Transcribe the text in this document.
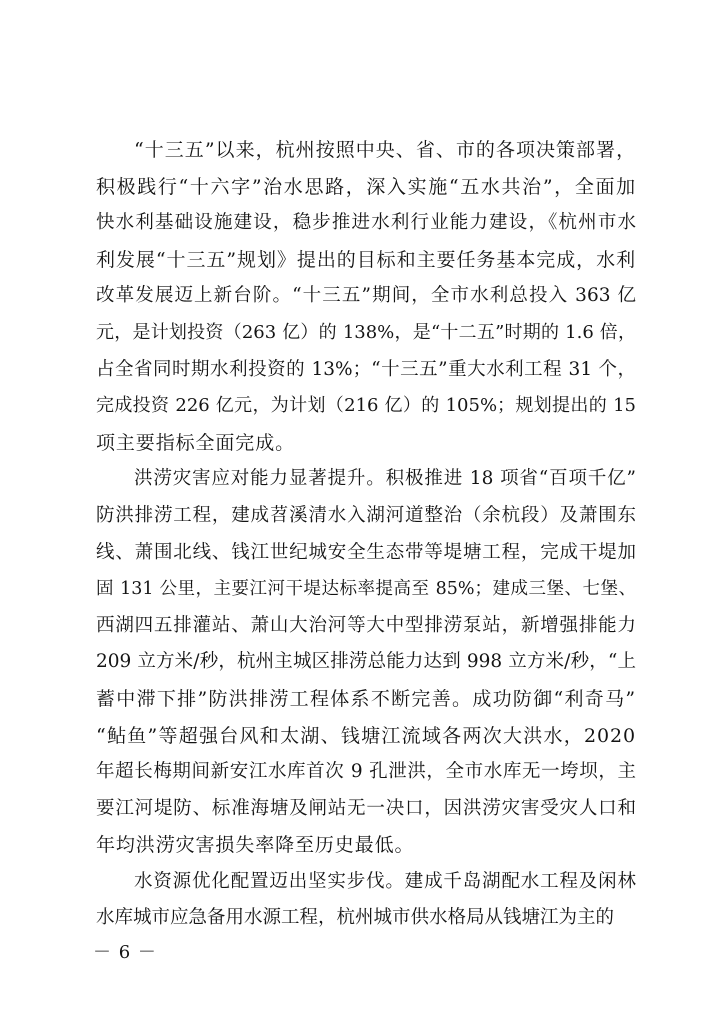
“十三五”以来，杭州按照中央、省、市的各项决策部署，
积极践行“十六字”治水思路，深入实施“五水共治”，全面加
快水利基础设施建设，稳步推进水利行业能力建设，《杭州市水
利发展“十三五”规划》提出的目标和主要任务基本完成，水利
改革发展迈上新台阶。“十三五”期间，全市水利总投入 363 亿
元，是计划投资（263 亿）的 138%，是“十二五”时期的 1.6 倍，
占全省同时期水利投资的 13%；“十三五”重大水利工程 31 个，
完成投资 226 亿元，为计划（216 亿）的 105%；规划提出的 15
项主要指标全面完成。
洪涝灾害应对能力显著提升。积极推进 18 项省“百项千亿”
防洪排涝工程，建成苕溪清水入湖河道整治（余杭段）及萧围东
线、萧围北线、钱江世纪城安全生态带等堤塘工程，完成干堤加
固 131 公里，主要江河干堤达标率提高至 85%；建成三堡、七堡、
西湖四五排灌站、萧山大治河等大中型排涝泵站，新增强排能力
209 立方米/秒，杭州主城区排涝总能力达到 998 立方米/秒，“上
蓄中滞下排”防洪排涝工程体系不断完善。成功防御“利奇马”
“鲇鱼”等超强台风和太湖、钱塘江流域各两次大洪水，2020
年超长梅期间新安江水库首次 9 孔泄洪，全市水库无一垮坝，主
要江河堤防、标准海塘及闸站无一决口，因洪涝灾害受灾人口和
年均洪涝灾害损失率降至历史最低。
水资源优化配置迈出坚实步伐。建成千岛湖配水工程及闲林
水库城市应急备用水源工程，杭州城市供水格局从钱塘江为主的
－ 6 －
